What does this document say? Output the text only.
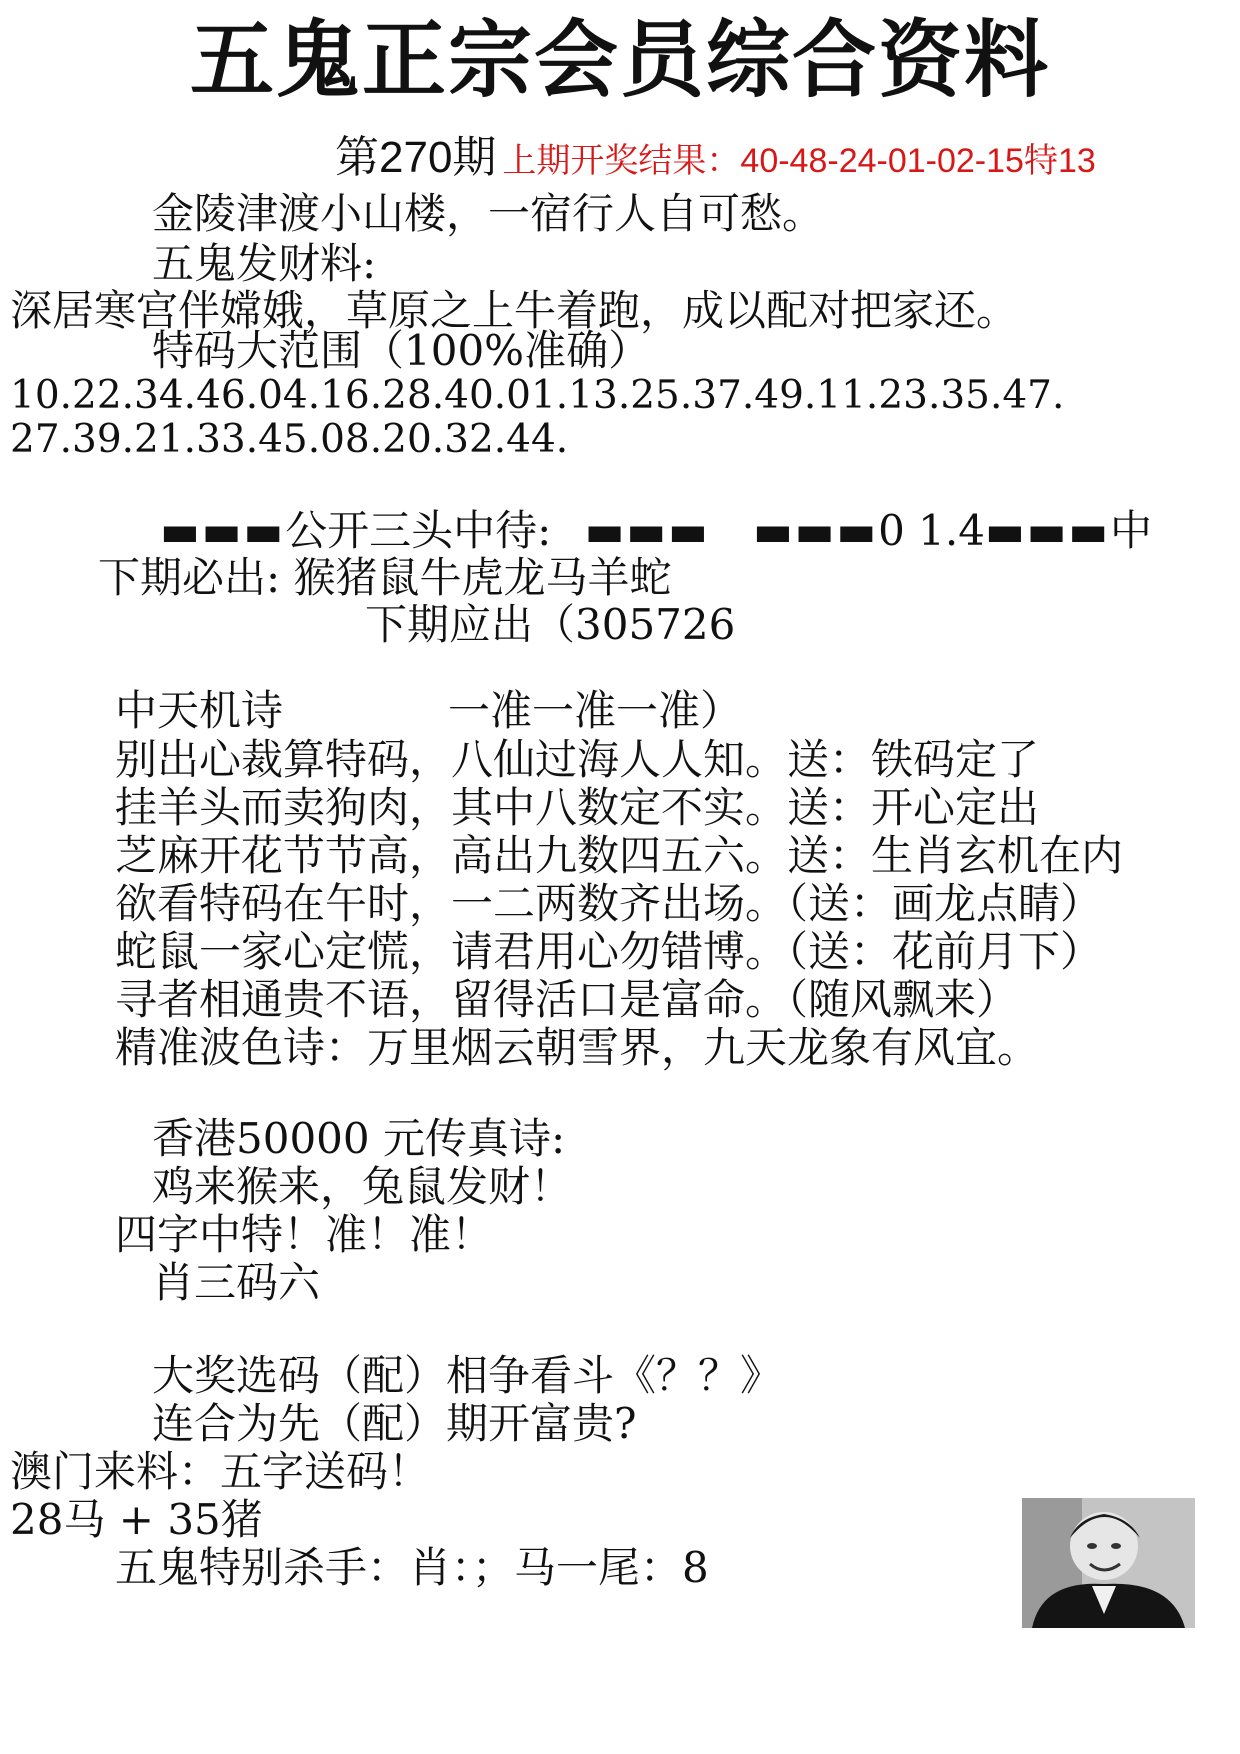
五鬼正宗会员综合资料
第270期 上期开奖结果：40-48-24-01-02-15特13
金陵津渡小山楼，一宿行人自可愁。
五鬼发财料:
深居寒宫伴嫦娥，草原之上牛着跑，成以配对把家还。
特码大范围（100%准确）
10.22.34.46.04.16.28.40.01.13.25.37.49.11.23.35.47.
27.39.21.33.45.08.20.32.44.
▬▬▬公开三头中待: ▬▬▬ ▬▬▬0 1.4▬▬▬中
下期必出: 猴猪鼠牛虎龙马羊蛇
下期应出（305726
中天机诗	一准一准一准）
别出心裁算特码，八仙过海人人知。送：铁码定了
挂羊头而卖狗肉，其中八数定不实。送：开心定出
芝麻开花节节高，高出九数四五六。送：生肖玄机在内
欲看特码在午时，一二两数齐出场。（送：画龙点睛）
蛇鼠一家心定慌，请君用心勿错博。（送：花前月下）
寻者相通贵不语，留得活口是富命。（随风飘来）
精准波色诗：万里烟云朝雪界，九天龙象有风宜。
香港50000 元传真诗:
鸡来猴来，兔鼠发财！
四字中特！准！准！
肖三码六
大奖选码（配）相争看斗《？？》
连合为先（配）期开富贵?
澳门来料：五字送码！
28马 + 35猪
五鬼特别杀手：肖：；马一尾：8
